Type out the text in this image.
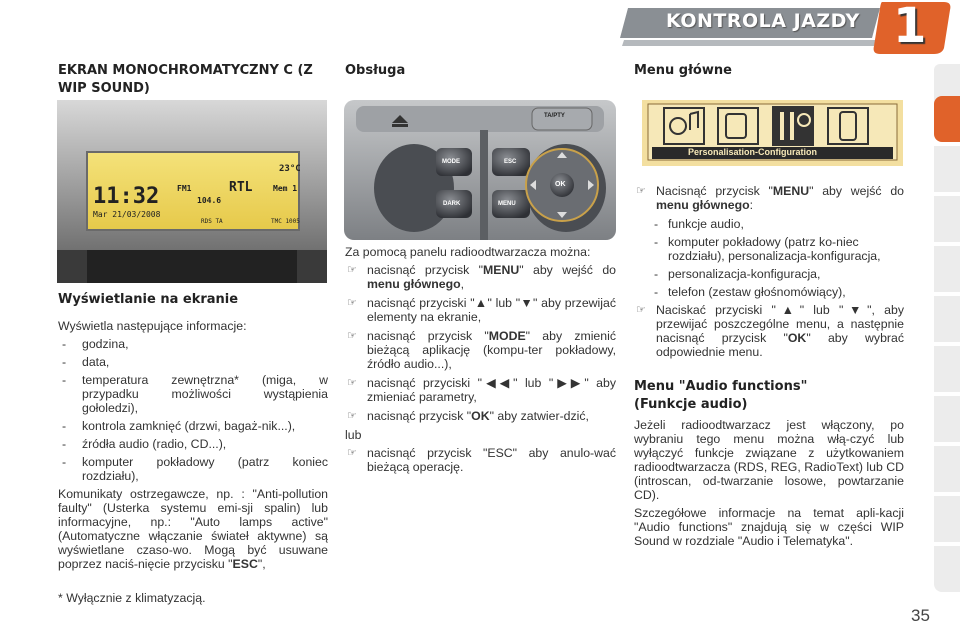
KONTROLA JAZDY 1
EKRAN MONOCHROMATYCZNY C (Z WIP SOUND)
11:32
Mar 21/03/2008
FM1	RTL	Mem 1
104.6
RDS TA	TMC 1005
23°C
Wyświetlanie na ekranie

Wyświetla następujące informacje:

- godzina,
- data,
- temperatura zewnętrzna* (miga, w przypadku możliwości wystąpienia gołoledzi),
- kontrola zamknięć (drzwi, bagaż-nik...),
- źródła audio (radio, CD...),
- komputer pokładowy (patrz koniec rozdziału),

Komunikaty ostrzegawcze, np. : "Anti-pollution faulty" (Usterka systemu emi-sji spalin) lub informacyjne, np.: "Auto lamps active" (Automatyczne włączanie świateł aktywne) są wyświetlane czaso-wo. Mogą być usuwane poprzez naciś-nięcie przycisku "ESC",

* Wyłącznie z klimatyzacją.
Obsługa
TA/PTY
MODE
DARK
ESC
MENU
OK

Za pomocą panelu radioodtwarzacza można:

☞ nacisnąć przycisk "MENU" aby wejść do menu głównego,
☞ nacisnąć przyciski "▲" lub "▼" aby przewijać elementy na ekranie,
☞ nacisnąć przycisk "MODE" aby zmienić bieżącą aplikację (kompu-ter pokładowy, źródło audio...),
☞ nacisnąć przyciski "◀◀" lub "▶▶" aby zmieniać parametry,
☞ nacisnąć przycisk "OK" aby zatwier-dzić,

lub

☞ nacisnąć przycisk "ESC" aby anulo-wać bieżącą operację.
Menu główne
Personalisation-Configuration
☞ Nacisnąć przycisk "MENU" aby wejść do menu głównego:
- funkcje audio,
- komputer pokładowy (patrz ko-niec rozdziału), personalizacja-konfiguracja,
- personalizacja-konfiguracja,
- telefon (zestaw głośnomówiący),
☞ Naciskać przyciski "▲" lub "▼", aby przewijać poszczególne menu, a następnie nacisnąć przycisk "OK" aby wybrać odpowiednie menu.
Menu "Audio functions" (Funkcje audio)

Jeżeli radioodtwarzacz jest włączony, po wybraniu tego menu można włą-czyć lub wyłączyć funkcje związane z użytkowaniem radioodtwarzacza (RDS, REG, RadioText) lub CD (introscan, od-twarzanie losowe, powtarzanie CD).

Szczegółowe informacje na temat apli-kacji "Audio functions" znajdują się w części WIP Sound w rozdziale "Audio i Telematyka".

35
